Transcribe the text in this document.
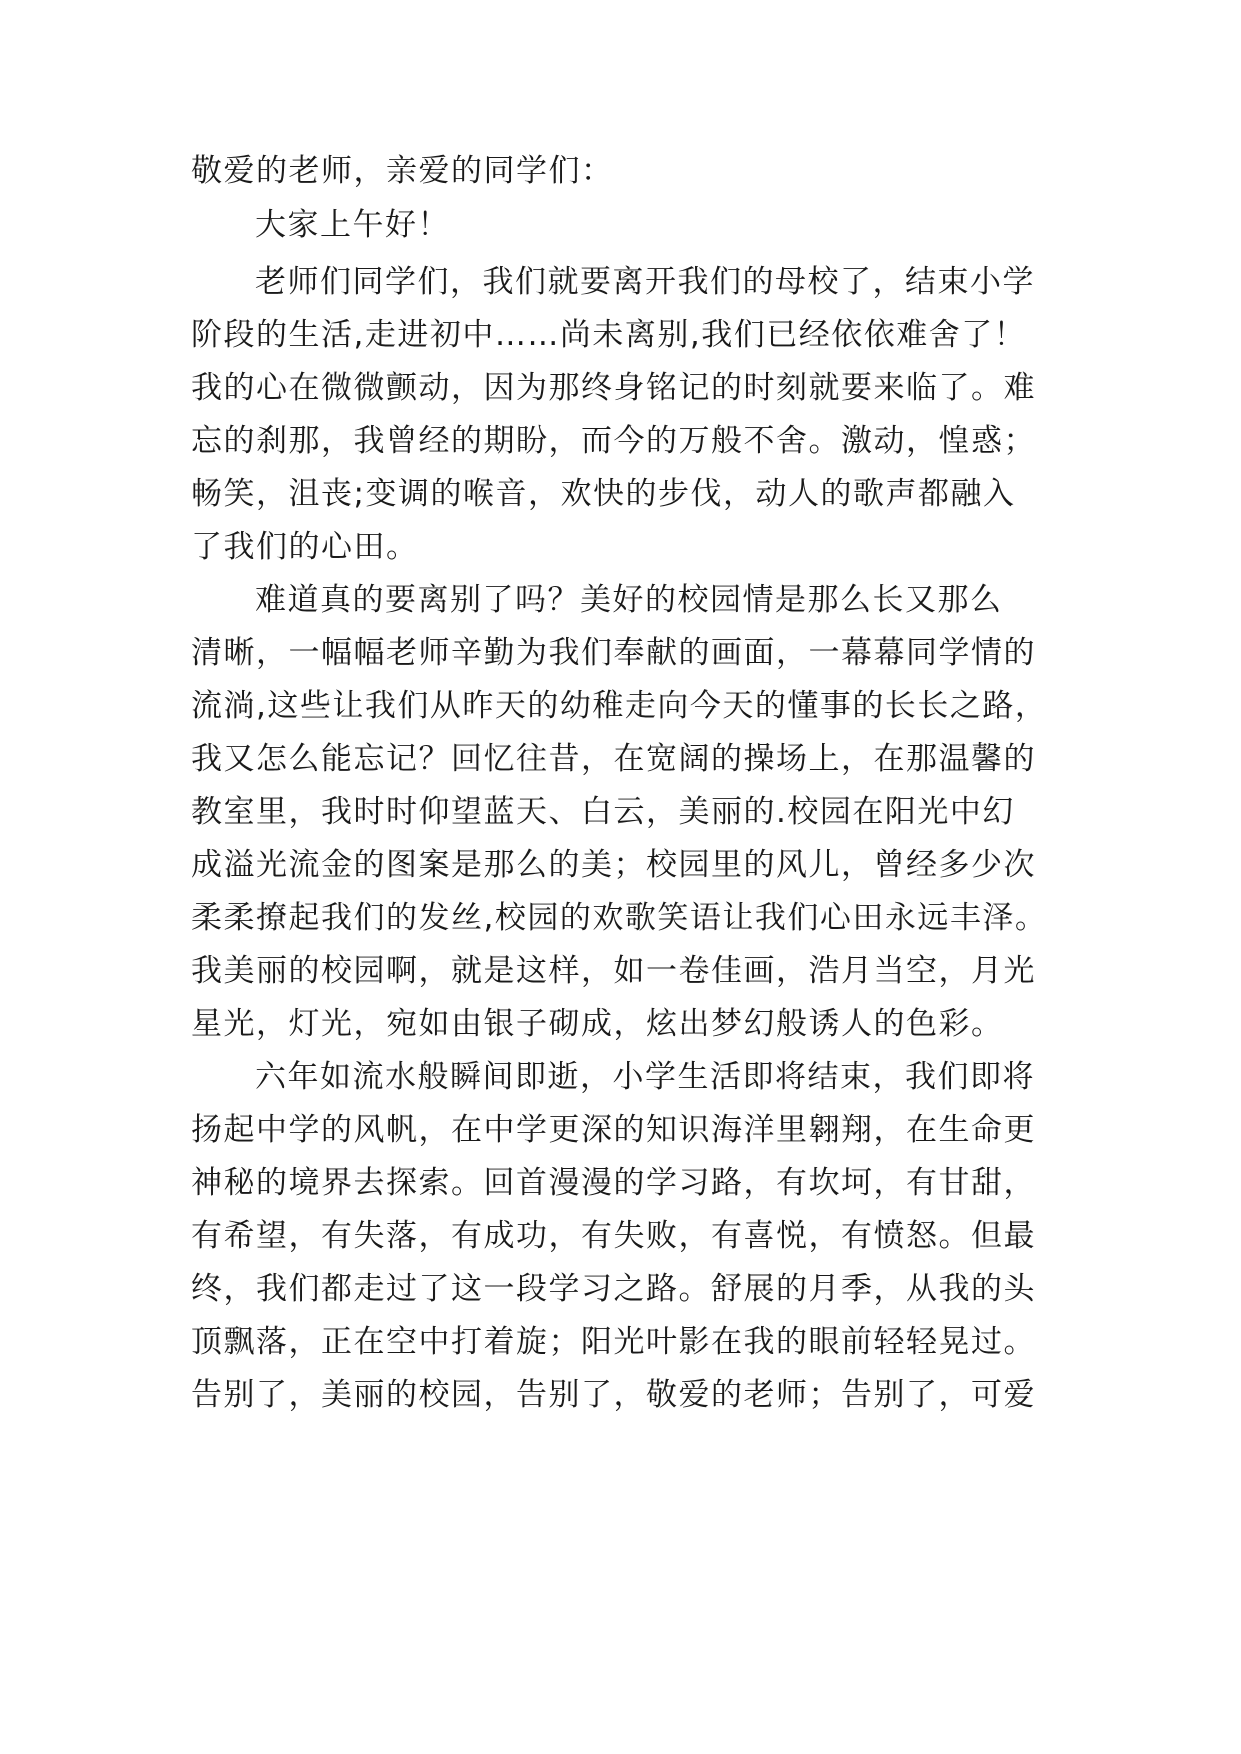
敬爱的老师，亲爱的同学们：
大家上午好！
老师们同学们，我们就要离开我们的母校了，结束小学
阶段的生活,走进初中……尚未离别,我们已经依依难舍了！
我的心在微微颤动，因为那终身铭记的时刻就要来临了。难
忘的刹那，我曾经的期盼，而今的万般不舍。激动，惶惑；
畅笑，沮丧;变调的喉音，欢快的步伐，动人的歌声都融入
了我们的心田。
难道真的要离别了吗？美好的校园情是那么长又那么
清晰，一幅幅老师辛勤为我们奉献的画面，一幕幕同学情的
流淌,这些让我们从昨天的幼稚走向今天的懂事的长长之路，
我又怎么能忘记？回忆往昔，在宽阔的操场上，在那温馨的
教室里，我时时仰望蓝天、白云，美丽的.校园在阳光中幻
成溢光流金的图案是那么的美；校园里的风儿，曾经多少次
柔柔撩起我们的发丝,校园的欢歌笑语让我们心田永远丰泽。
我美丽的校园啊，就是这样，如一卷佳画，浩月当空，月光
星光，灯光，宛如由银子砌成，炫出梦幻般诱人的色彩。
六年如流水般瞬间即逝，小学生活即将结束，我们即将
扬起中学的风帆，在中学更深的知识海洋里翱翔，在生命更
神秘的境界去探索。回首漫漫的学习路，有坎坷，有甘甜，
有希望，有失落，有成功，有失败，有喜悦，有愤怒。但最
终，我们都走过了这一段学习之路。舒展的月季，从我的头
顶飘落，正在空中打着旋；阳光叶影在我的眼前轻轻晃过。
告别了，美丽的校园，告别了，敬爱的老师；告别了，可爱
